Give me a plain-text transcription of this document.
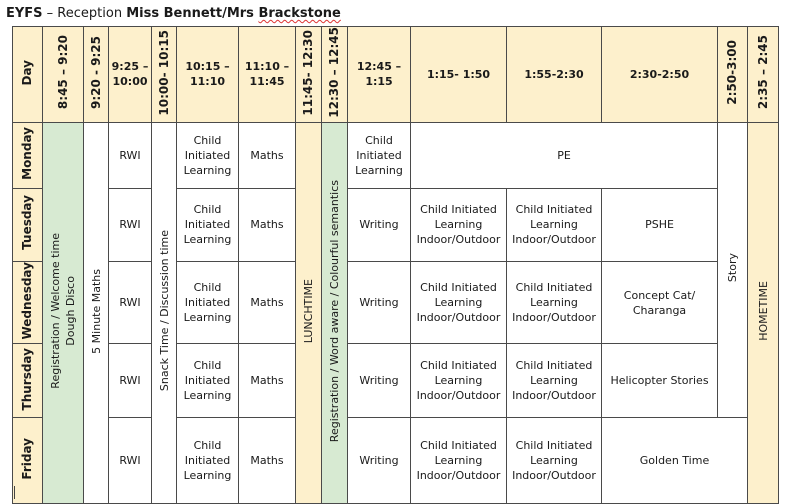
EYFS – Reception Miss Bennett/Mrs Brackstone
Day	8:45 – 9:20	9:20 - 9:25	9:25 – 10:00	10:00- 10:15	10:15 – 11:10	11:10 – 11:45	11:45- 12:30	12:30 – 12:45	12:45 – 1:15	1:15- 1:50	1:55-2:30	2:30-2:50	2:50-3:00	2:35 – 2:45
Monday	Registration / Welcome time Dough Disco	5 Minute Maths	RWI	Snack Time / Discussion time	Child Initiated Learning	Maths	LUNCHTIME	Registration / Word aware / Colourful semantics	Child Initiated Learning	PE			Story	HOMETIME
Tuesday			RWI		Child Initiated Learning	Maths			Writing	Child Initiated Learning Indoor/Outdoor	Child Initiated Learning Indoor/Outdoor	PSHE		
Wednesday			RWI		Child Initiated Learning	Maths			Writing	Child Initiated Learning Indoor/Outdoor	Child Initiated Learning Indoor/Outdoor	Concept Cat/ Charanga		
Thursday			RWI		Child Initiated Learning	Maths			Writing	Child Initiated Learning Indoor/Outdoor	Child Initiated Learning Indoor/Outdoor	Helicopter Stories		
Friday			RWI		Child Initiated Learning	Maths			Writing	Child Initiated Learning Indoor/Outdoor	Child Initiated Learning Indoor/Outdoor	Golden Time		
